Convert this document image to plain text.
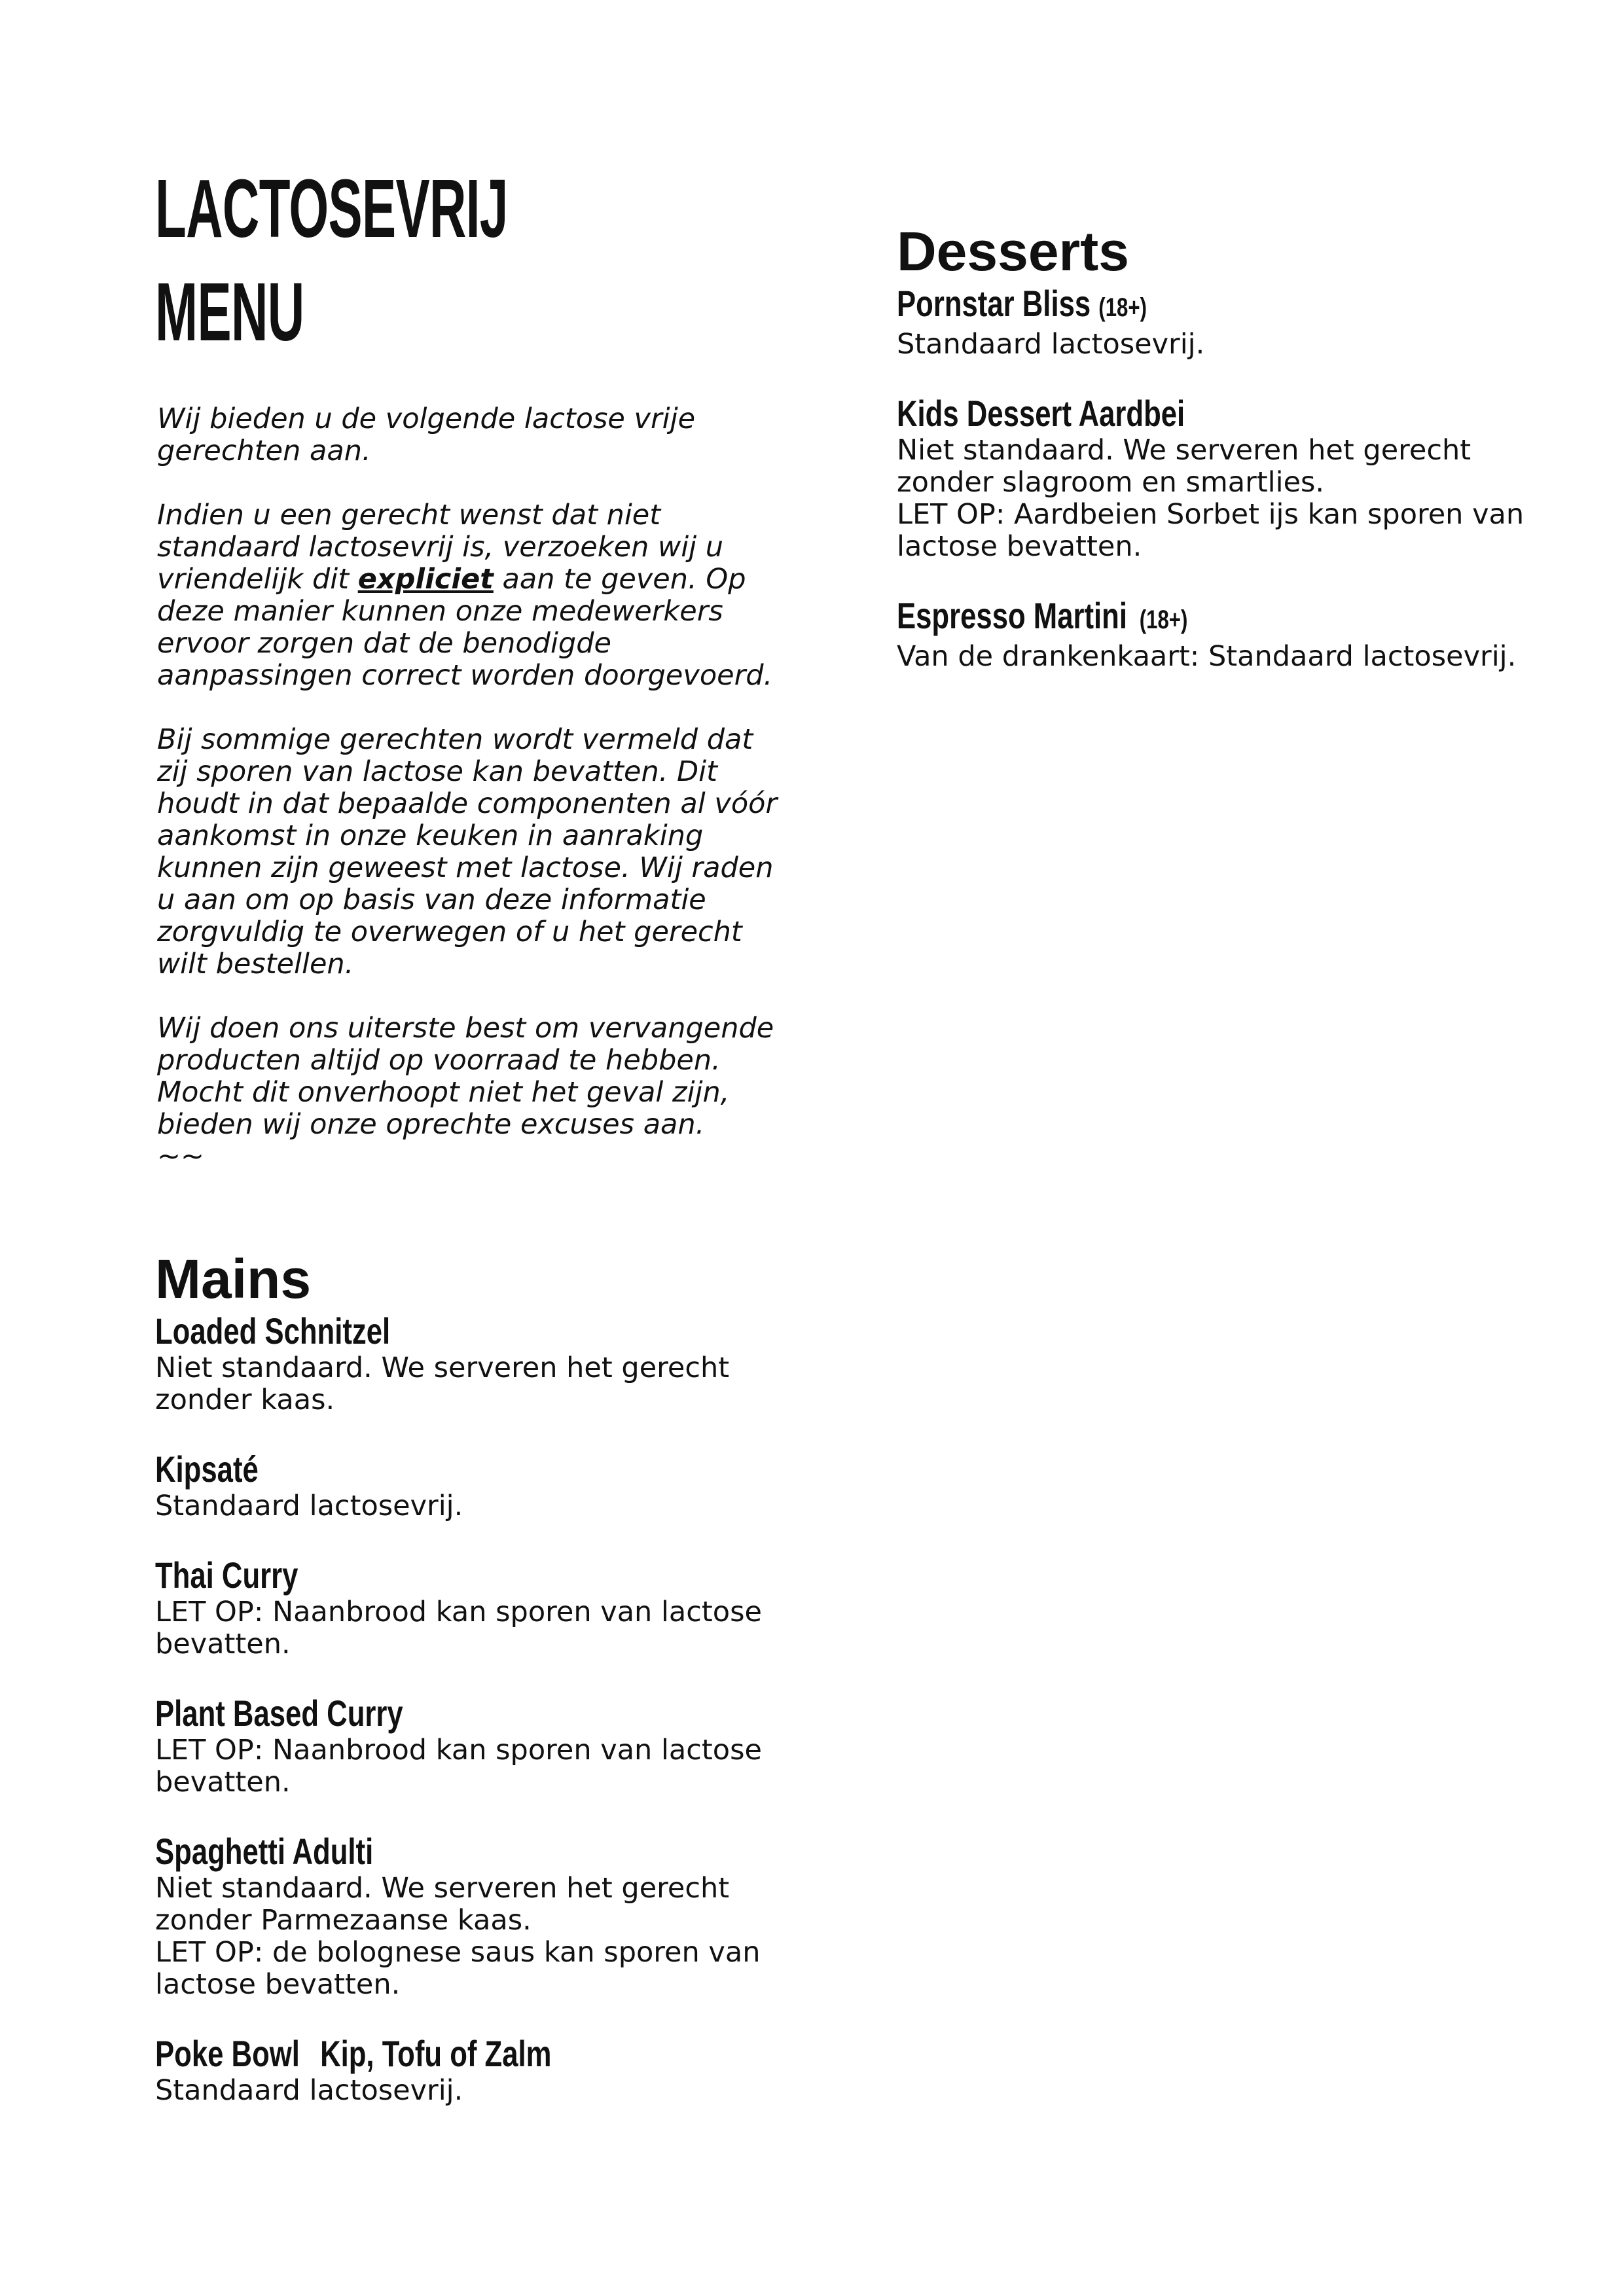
LACTOSEVRIJ
MENU

Wij bieden u de volgende lactose vrije gerechten aan.

Indien u een gerecht wenst dat niet standaard lactosevrij is, verzoeken wij u vriendelijk dit expliciet aan te geven. Op deze manier kunnen onze medewerkers ervoor zorgen dat de benodigde aanpassingen correct worden doorgevoerd.

Bij sommige gerechten wordt vermeld dat zij sporen van lactose kan bevatten. Dit houdt in dat bepaalde componenten al vóór aankomst in onze keuken in aanraking kunnen zijn geweest met lactose. Wij raden u aan om op basis van deze informatie zorgvuldig te overwegen of u het gerecht wilt bestellen.

Wij doen ons uiterste best om vervangende producten altijd op voorraad te hebben. Mocht dit onverhoopt niet het geval zijn, bieden wij onze oprechte excuses aan.

~~

Mains
Loaded Schnitzel

Niet standaard. We serveren het gerecht zonder kaas.

Kipsaté

Standaard lactosevrij.

Thai Curry

LET OP: Naanbrood kan sporen van lactose bevatten.

Plant Based Curry

LET OP: Naanbrood kan sporen van lactose bevatten.

Spaghetti Adulti

Niet standaard. We serveren het gerecht zonder Parmezaanse kaas.

LET OP: de bolognese saus kan sporen van lactose bevatten.

Poke Bowl Kip, Tofu of Zalm

Standaard lactosevrij.

Desserts
Pornstar Bliss (18+)

Standaard lactosevrij.

Kids Dessert Aardbei

Niet standaard. We serveren het gerecht zonder slagroom en smartlies.

LET OP: Aardbeien Sorbet ijs kan sporen van lactose bevatten.

Espresso Martini (18+)

Van de drankenkaart: Standaard lactosevrij.
